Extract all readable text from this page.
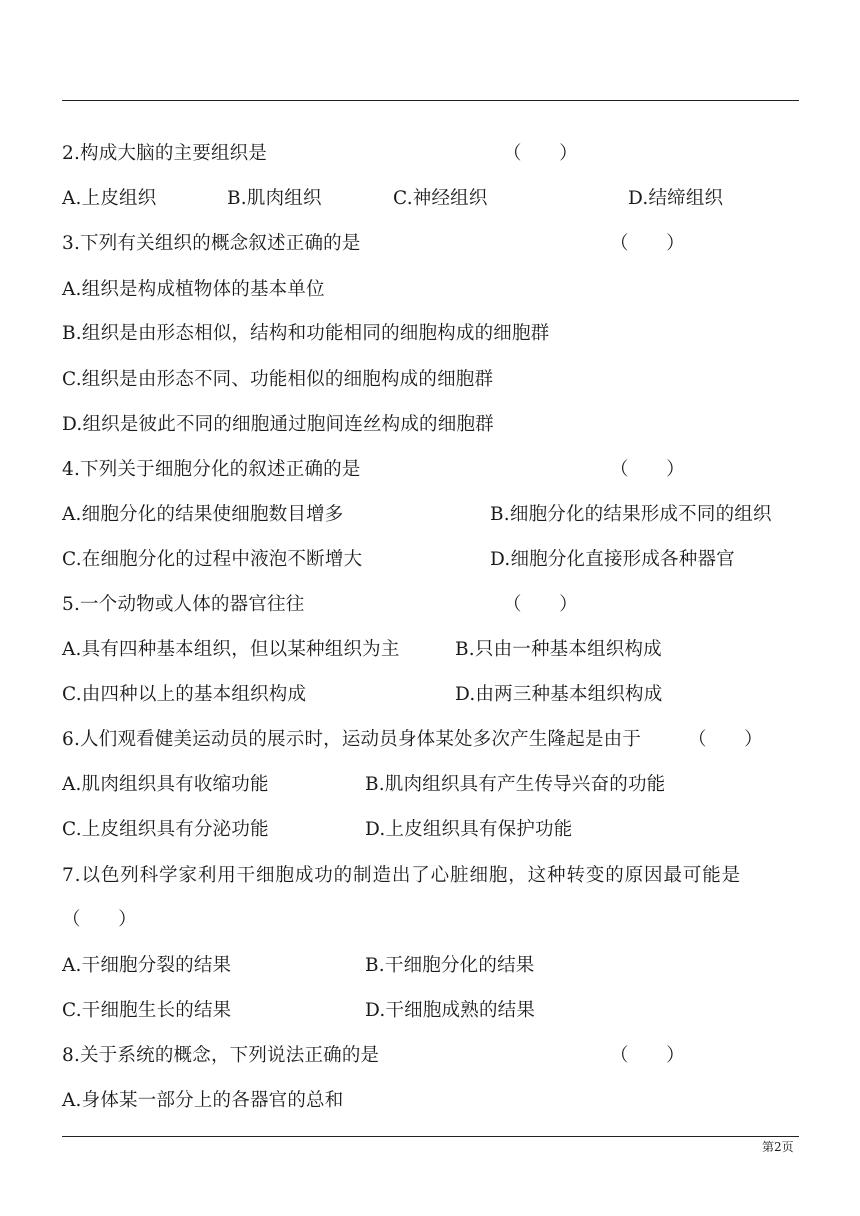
2.构成大脑的主要组织是	（　　）
A.上皮组织	B.肌肉组织	C.神经组织	D.结缔组织
3.下列有关组织的概念叙述正确的是	（　　）
A.组织是构成植物体的基本单位
B.组织是由形态相似，结构和功能相同的细胞构成的细胞群
C.组织是由形态不同、功能相似的细胞构成的细胞群
D.组织是彼此不同的细胞通过胞间连丝构成的细胞群
4.下列关于细胞分化的叙述正确的是	（　　）
A.细胞分化的结果使细胞数目增多	B.细胞分化的结果形成不同的组织
C.在细胞分化的过程中液泡不断增大	D.细胞分化直接形成各种器官
5.一个动物或人体的器官往往	（　　）
A.具有四种基本组织，但以某种组织为主	B.只由一种基本组织构成
C.由四种以上的基本组织构成	D.由两三种基本组织构成
6.人们观看健美运动员的展示时，运动员身体某处多次产生隆起是由于	（　　）
A.肌肉组织具有收缩功能	B.肌肉组织具有产生传导兴奋的功能
C.上皮组织具有分泌功能	D.上皮组织具有保护功能
7.以色列科学家利用干细胞成功的制造出了心脏细胞，这种转变的原因最可能是
（　　）
A.干细胞分裂的结果	B.干细胞分化的结果
C.干细胞生长的结果	D.干细胞成熟的结果
8.关于系统的概念，下列说法正确的是	（　　）
A.身体某一部分上的各器官的总和
第2页
